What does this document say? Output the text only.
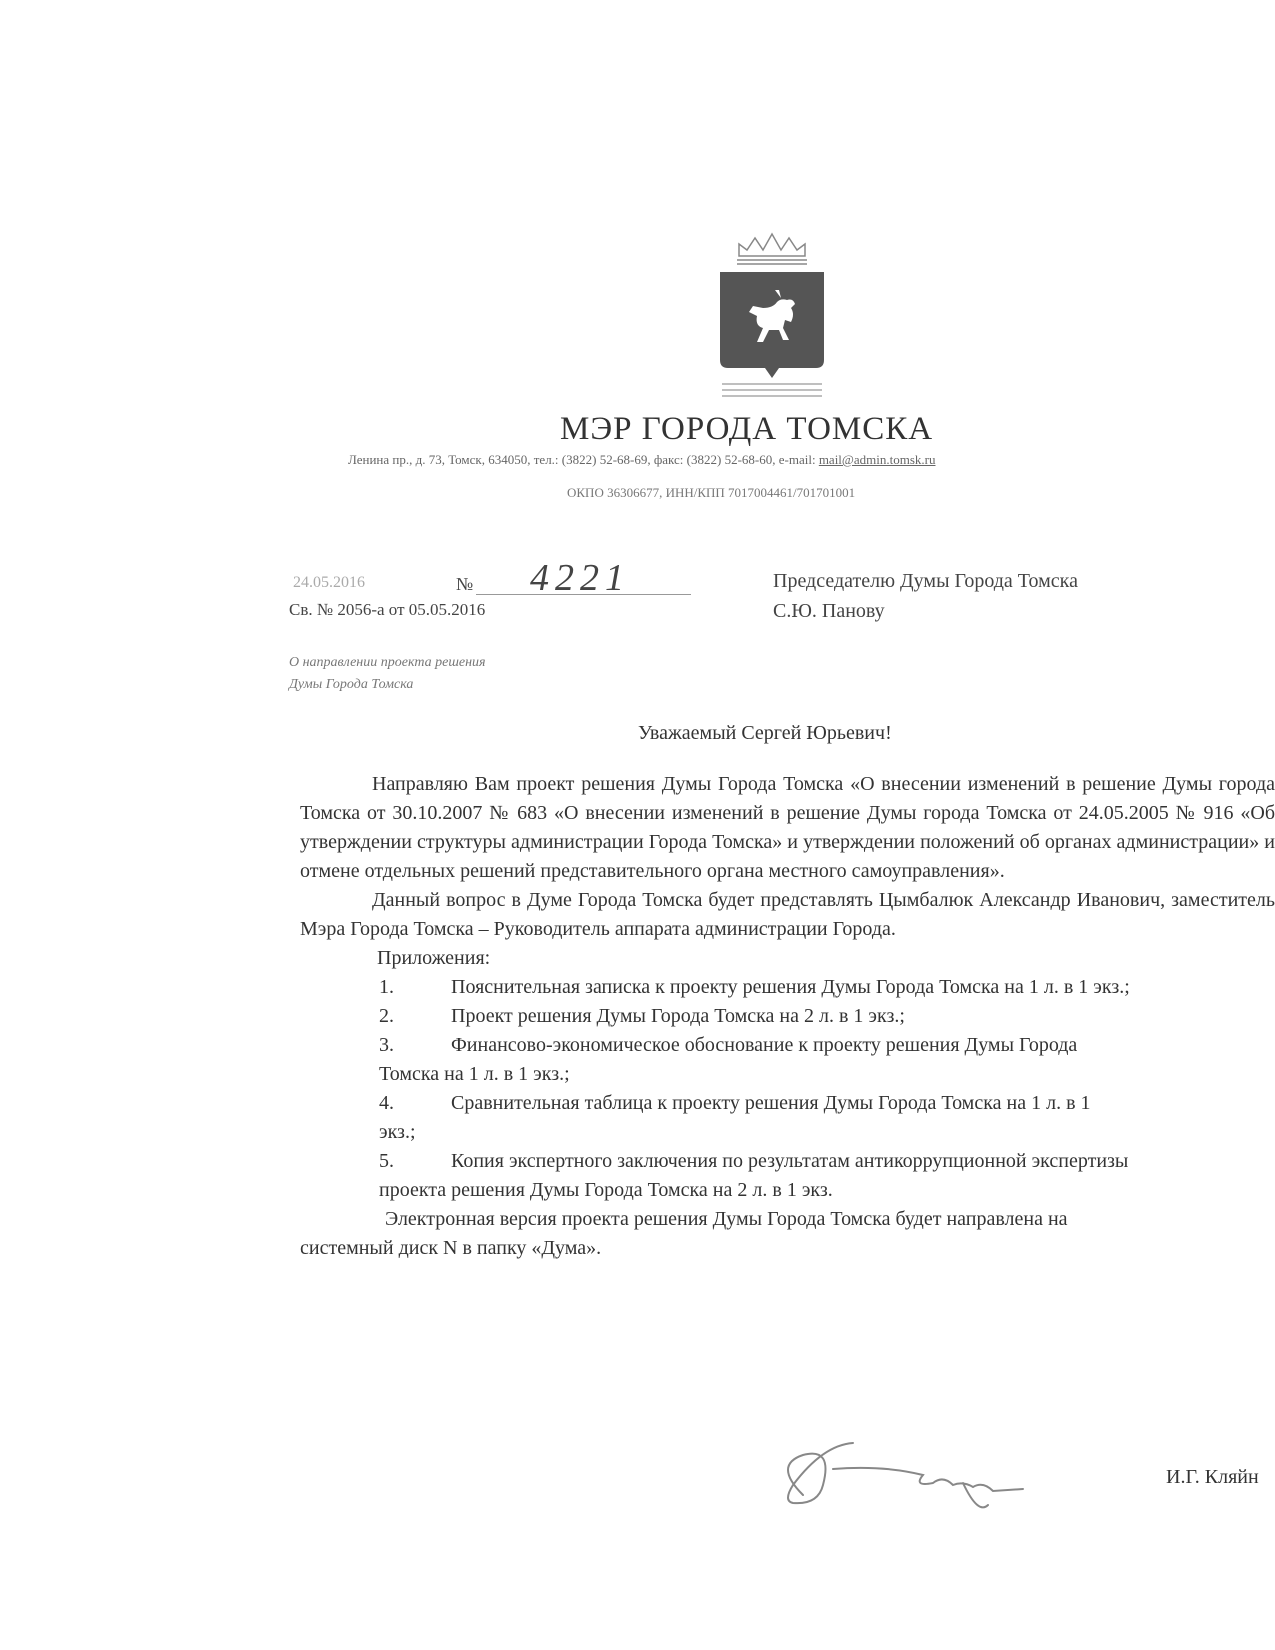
МЭР ГОРОДА ТОМСКА
Ленина пр., д. 73, Томск, 634050, тел.: (3822) 52-68-69, факс: (3822) 52-68-60, e-mail: mail@admin.tomsk.ru
ОКПО 36306677, ИНН/КПП 7017004461/701701001
24.05.2016	№ 4221
Св. № 2056-а от 05.05.2016
Председателю Думы Города Томска
С.Ю. Панову
О направлении проекта решения
Думы Города Томска
Уважаемый Сергей Юрьевич!

Направляю Вам проект решения Думы Города Томска «О внесении изменений в решение Думы города Томска от 30.10.2007 № 683 «О внесении изменений в решение Думы города Томска от 24.05.2005 № 916 «Об утверждении структуры администрации Города Томска» и утверждении положений об органах администрации» и отмене отдельных решений представительного органа местного самоуправления».

Данный вопрос в Думе Города Томска будет представлять Цымбалюк Александр Иванович, заместитель Мэра Города Томска – Руководитель аппарата администрации Города.

Приложения:

1.	Пояснительная записка к проекту решения Думы Города Томска на 1 л. в 1 экз.;
2.	Проект решения Думы Города Томска на 2 л. в 1 экз.;
3.	Финансово-экономическое обоснование к проекту решения Думы Города
Томска на 1 л. в 1 экз.;
4.	Сравнительная таблица к проекту решения Думы Города Томска на 1 л. в 1
экз.;
5.	Копия экспертного заключения по результатам антикоррупционной экспертизы
проекта решения Думы Города Томска на 2 л. в 1 экз.

Электронная версия проекта решения Думы Города Томска будет направлена на

системный диск N в папку «Дума».

И.Г. Кляйн
